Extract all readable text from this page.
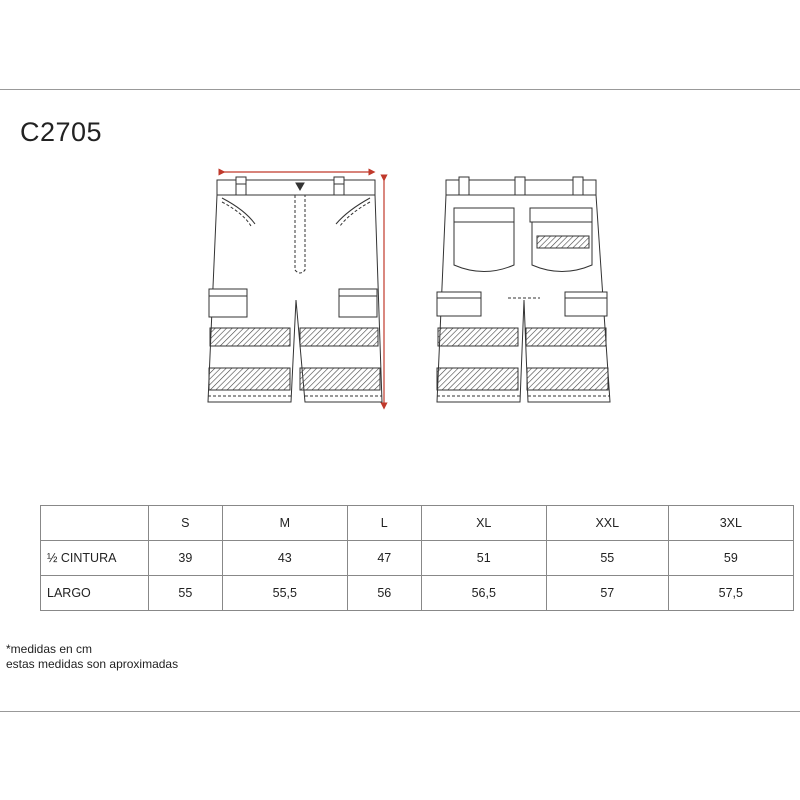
C2705
	S	M	L	XL	XXL	3XL
½ CINTURA	39	43	47	51	55	59
LARGO	55	55,5	56	56,5	57	57,5
*medidas en cm
estas medidas son aproximadas
